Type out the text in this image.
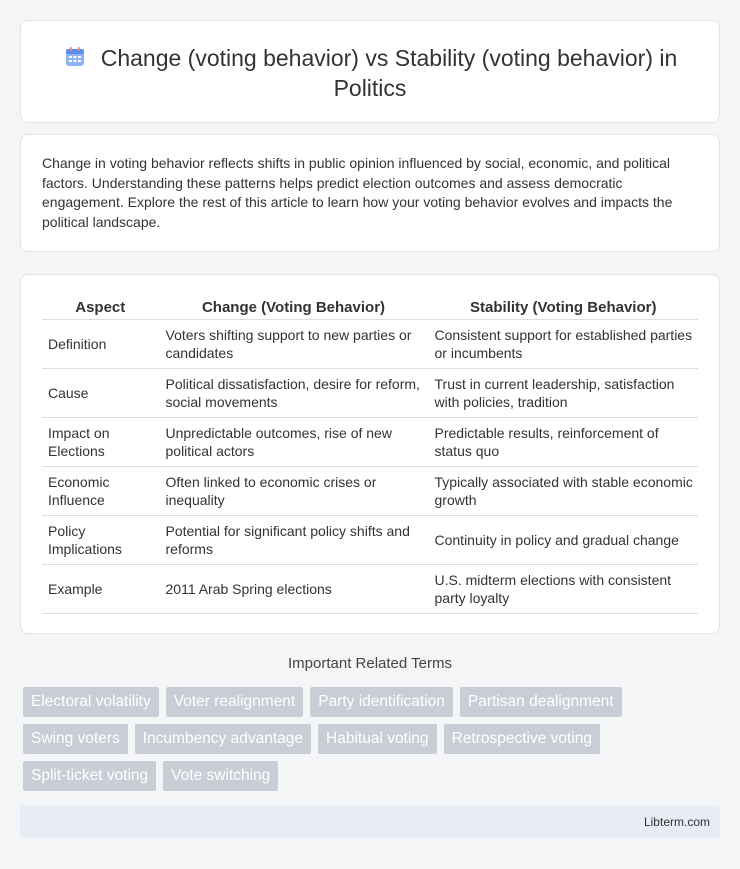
Change (voting behavior) vs Stability (voting behavior) in Politics

Change in voting behavior reflects shifts in public opinion influenced by social, economic, and political factors. Understanding these patterns helps predict election outcomes and assess democratic engagement. Explore the rest of this article to learn how your voting behavior evolves and impacts the political landscape.

Aspect	Change (Voting Behavior)	Stability (Voting Behavior)
Definition	Voters shifting support to new parties or candidates	Consistent support for established parties or incumbents
Cause	Political dissatisfaction, desire for reform, social movements	Trust in current leadership, satisfaction with policies, tradition
Impact on Elections	Unpredictable outcomes, rise of new political actors	Predictable results, reinforcement of status quo
Economic Influence	Often linked to economic crises or inequality	Typically associated with stable economic growth
Policy Implications	Potential for significant policy shifts and reforms	Continuity in policy and gradual change
Example	2011 Arab Spring elections	U.S. midterm elections with consistent party loyalty
Important Related Terms
Electoral volatility	Voter realignment	Party identification	Partisan dealignment
Swing voters	Incumbency advantage	Habitual voting	Retrospective voting
Split-ticket voting	Vote switching
Libterm.com
